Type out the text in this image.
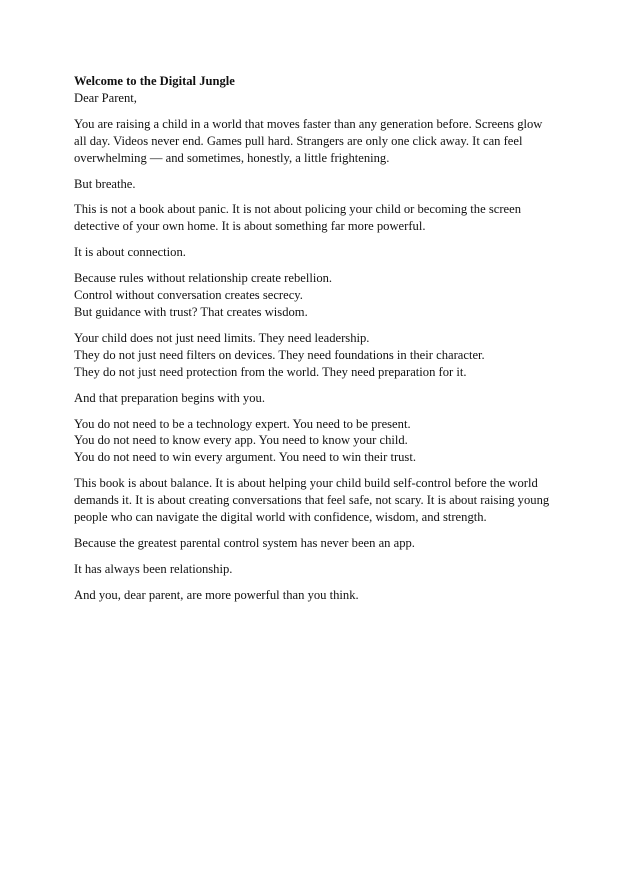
Welcome to the Digital Jungle

Dear Parent,

You are raising a child in a world that moves faster than any generation before. Screens glow all day. Videos never end. Games pull hard. Strangers are only one click away. It can feel overwhelming — and sometimes, honestly, a little frightening.

But breathe.

This is not a book about panic. It is not about policing your child or becoming the screen detective of your own home. It is about something far more powerful.

It is about connection.

Because rules without relationship create rebellion.
Control without conversation creates secrecy.
But guidance with trust? That creates wisdom.

Your child does not just need limits. They need leadership.
They do not just need filters on devices. They need foundations in their character.
They do not just need protection from the world. They need preparation for it.

And that preparation begins with you.

You do not need to be a technology expert. You need to be present.
You do not need to know every app. You need to know your child.
You do not need to win every argument. You need to win their trust.

This book is about balance. It is about helping your child build self-control before the world demands it. It is about creating conversations that feel safe, not scary. It is about raising young people who can navigate the digital world with confidence, wisdom, and strength.

Because the greatest parental control system has never been an app.

It has always been relationship.

And you, dear parent, are more powerful than you think.
